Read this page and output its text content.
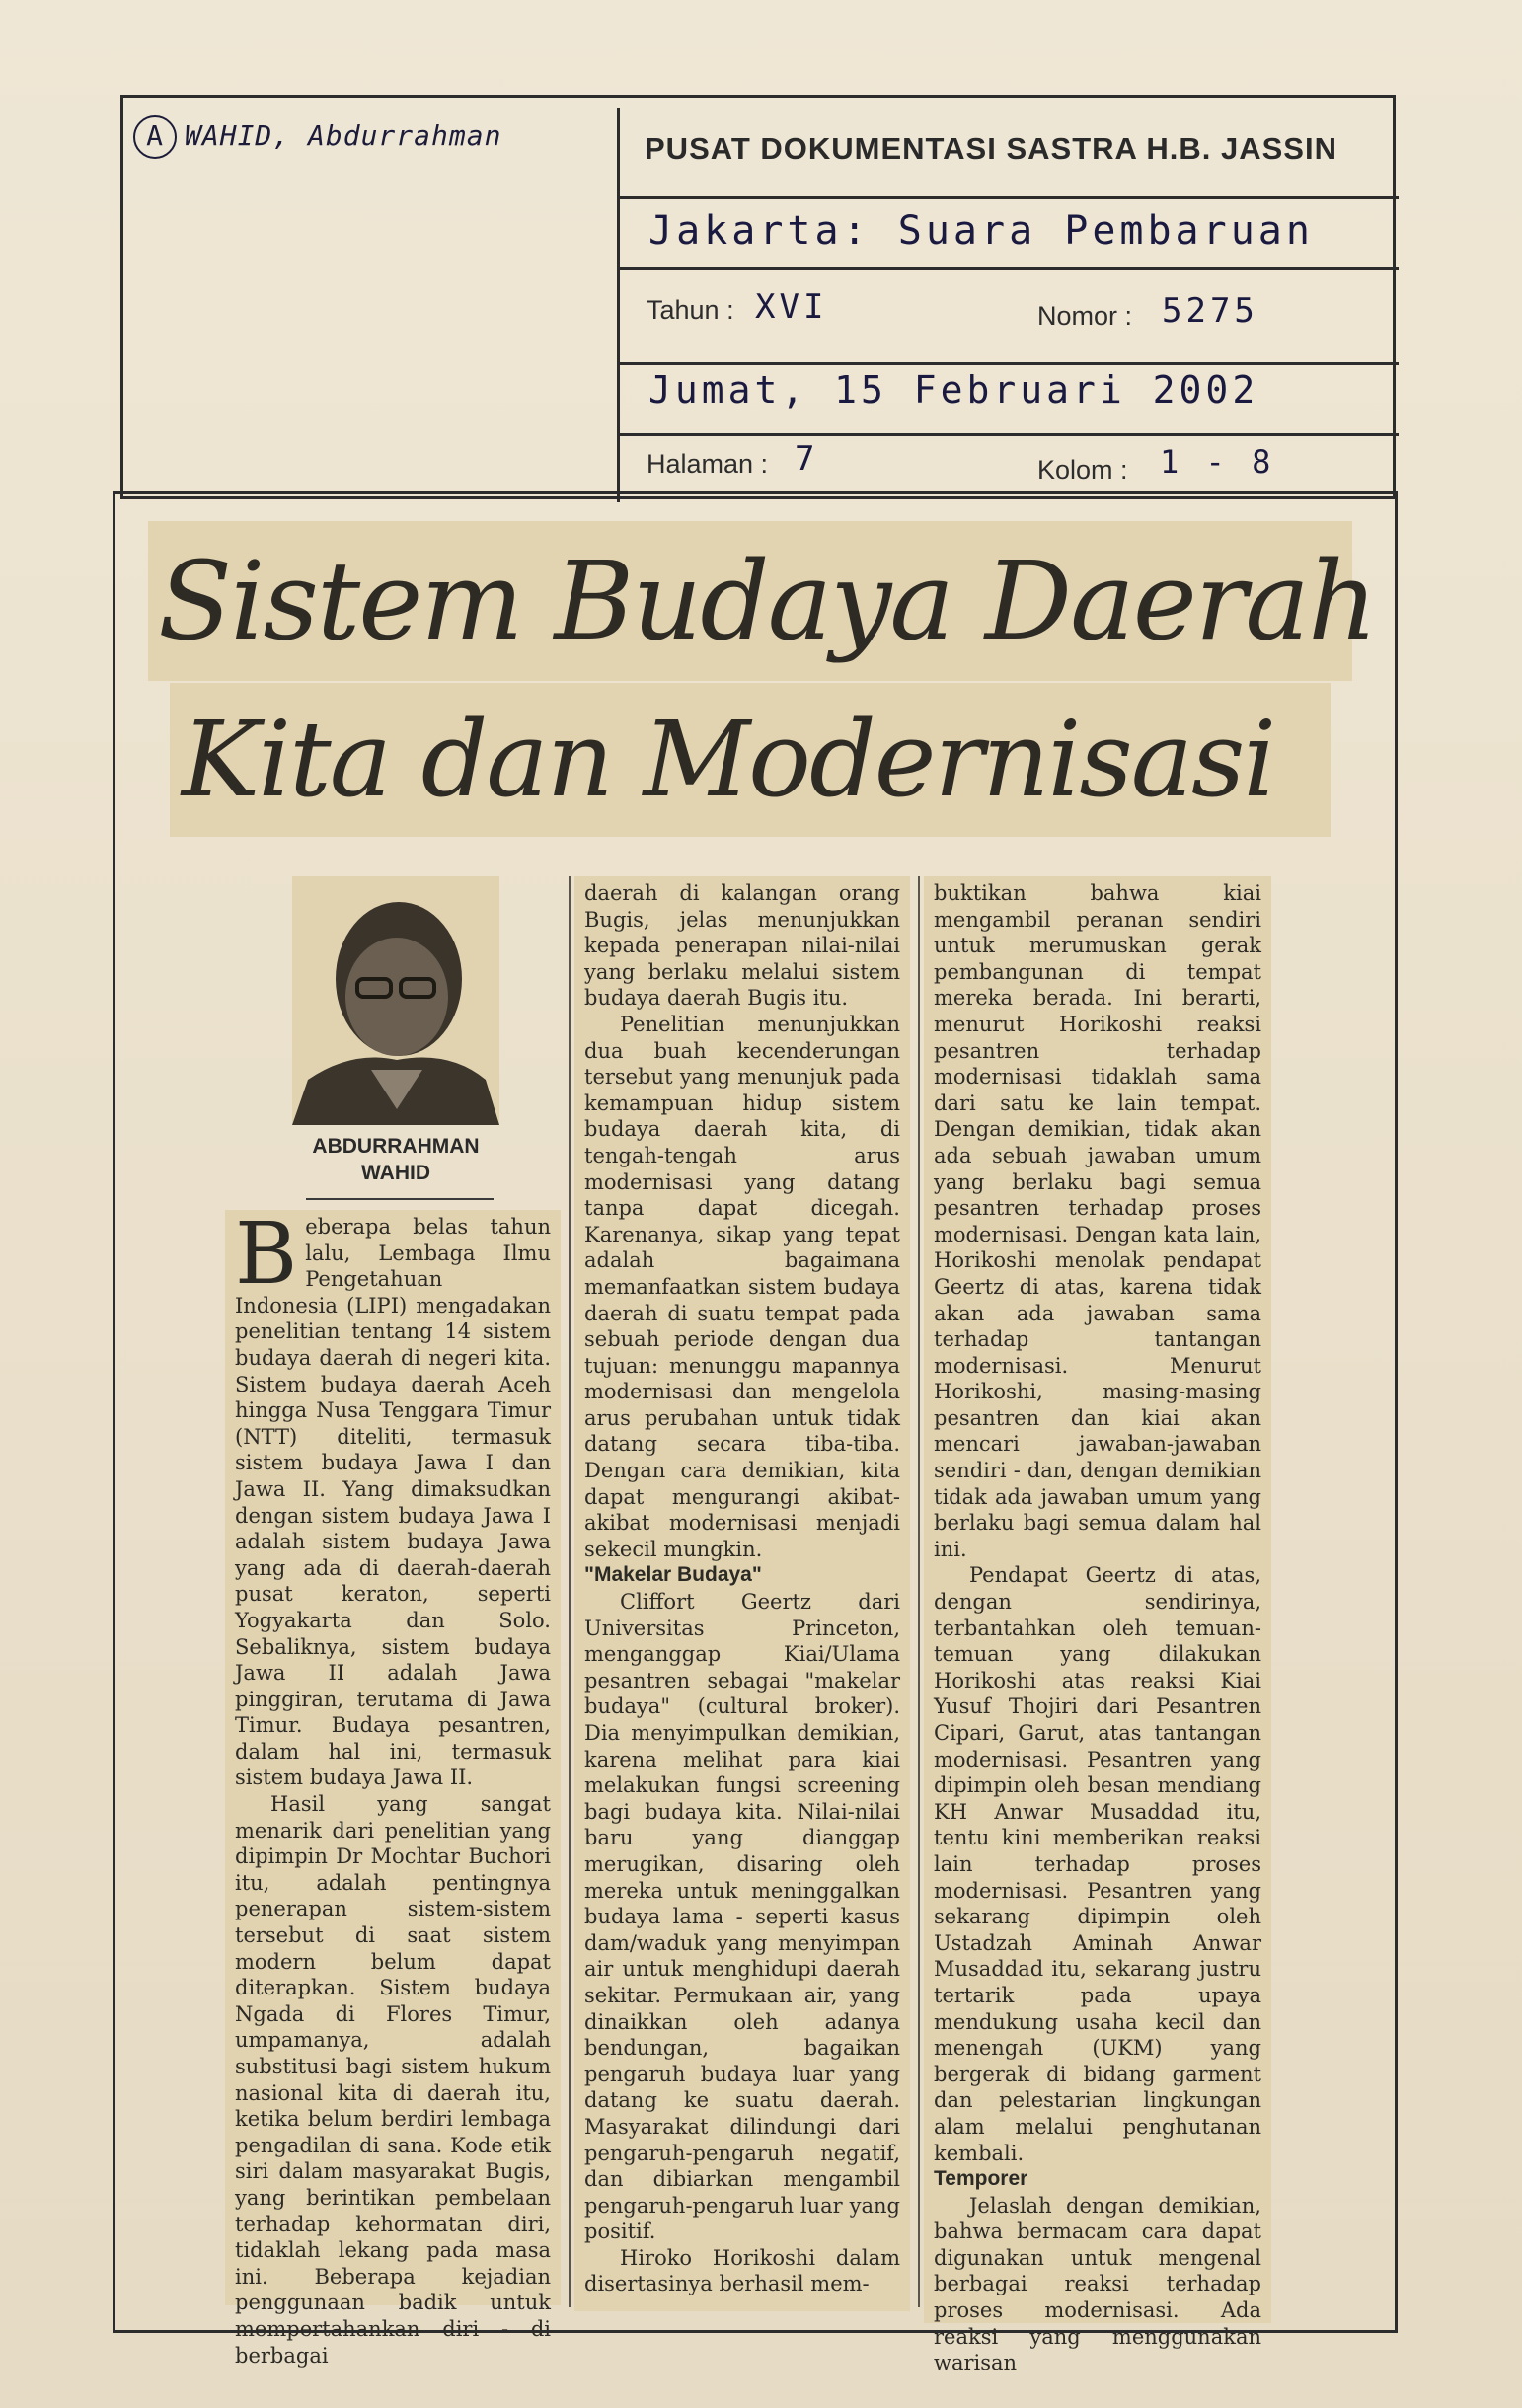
A WAHID, Abdurrahman	PUSAT DOKUMENTASI SASTRA H.B. JASSIN
Jakarta: Suara Pembaruan
Tahun : XVI	Nomor : 5275
Jumat, 15 Februari 2002
Halaman : 7	Kolom : 1 - 8
Sistem Budaya Daerah
Kita dan Modernisasi
ABDURRAHMAN
WAHID

Beberapa belas tahun lalu, Lembaga Ilmu Pengetahuan Indonesia (LIPI) mengadakan penelitian tentang 14 sistem budaya daerah di negeri kita. Sistem budaya daerah Aceh hingga Nusa Tenggara Timur (NTT) diteliti, termasuk sistem budaya Jawa I dan Jawa II. Yang dimaksudkan dengan sistem budaya Jawa I adalah sistem budaya Jawa yang ada di daerah-daerah pusat keraton, seperti Yogyakarta dan Solo. Sebaliknya, sistem budaya Jawa II adalah Jawa pinggiran, terutama di Jawa Timur. Budaya pesantren, dalam hal ini, termasuk sistem budaya Jawa II.

Hasil yang sangat menarik dari penelitian yang dipimpin Dr Mochtar Buchori itu, adalah pentingnya penerapan sistem-sistem tersebut di saat sistem modern belum dapat diterapkan. Sistem budaya Ngada di Flores Timur, umpamanya, adalah substitusi bagi sistem hukum nasional kita di daerah itu, ketika belum berdiri lembaga pengadilan di sana. Kode etik siri dalam masyarakat Bugis, yang berintikan pembelaan terhadap kehormatan diri, tidaklah lekang pada masa ini. Beberapa kejadian penggunaan badik untuk mempertahankan diri - di berbagai

daerah di kalangan orang Bugis, jelas menunjukkan kepada penerapan nilai-nilai yang berlaku melalui sistem budaya daerah Bugis itu.

Penelitian menunjukkan dua buah kecenderungan tersebut yang menunjuk pada kemampuan hidup sistem budaya daerah kita, di tengah-tengah arus modernisasi yang datang tanpa dapat dicegah. Karenanya, sikap yang tepat adalah bagaimana memanfaatkan sistem budaya daerah di suatu tempat pada sebuah periode dengan dua tujuan: menunggu mapannya modernisasi dan mengelola arus perubahan untuk tidak datang secara tiba-tiba. Dengan cara demikian, kita dapat mengurangi akibat-akibat modernisasi menjadi sekecil mungkin.

"Makelar Budaya"

Cliffort Geertz dari Universitas Princeton, menganggap Kiai/Ulama pesantren sebagai "makelar budaya" (cultural broker). Dia menyimpulkan demikian, karena melihat para kiai melakukan fungsi screening bagi budaya kita. Nilai-nilai baru yang dianggap merugikan, disaring oleh mereka untuk meninggalkan budaya lama - seperti kasus dam/waduk yang menyimpan air untuk menghidupi daerah sekitar. Permukaan air, yang dinaikkan oleh adanya bendungan, bagaikan pengaruh budaya luar yang datang ke suatu daerah. Masyarakat dilindungi dari pengaruh-pengaruh negatif, dan dibiarkan mengambil pengaruh-pengaruh luar yang positif.

Hiroko Horikoshi dalam disertasinya berhasil mem-

buktikan bahwa kiai mengambil peranan sendiri untuk merumuskan gerak pembangunan di tempat mereka berada. Ini berarti, menurut Horikoshi reaksi pesantren terhadap modernisasi tidaklah sama dari satu ke lain tempat. Dengan demikian, tidak akan ada sebuah jawaban umum yang berlaku bagi semua pesantren terhadap proses modernisasi. Dengan kata lain, Horikoshi menolak pendapat Geertz di atas, karena tidak akan ada jawaban sama terhadap tantangan modernisasi. Menurut Horikoshi, masing-masing pesantren dan kiai akan mencari jawaban-jawaban sendiri - dan, dengan demikian tidak ada jawaban umum yang berlaku bagi semua dalam hal ini.

Pendapat Geertz di atas, dengan sendirinya, terbantahkan oleh temuan-temuan yang dilakukan Horikoshi atas reaksi Kiai Yusuf Thojiri dari Pesantren Cipari, Garut, atas tantangan modernisasi. Pesantren yang dipimpin oleh besan mendiang KH Anwar Musaddad itu, tentu kini memberikan reaksi lain terhadap proses modernisasi. Pesantren yang sekarang dipimpin oleh Ustadzah Aminah Anwar Musaddad itu, sekarang justru tertarik pada upaya mendukung usaha kecil dan menengah (UKM) yang bergerak di bidang garment dan pelestarian lingkungan alam melalui penghutanan kembali.

Temporer

Jelaslah dengan demikian, bahwa bermacam cara dapat digunakan untuk mengenal berbagai reaksi terhadap proses modernisasi. Ada reaksi yang menggunakan warisan
